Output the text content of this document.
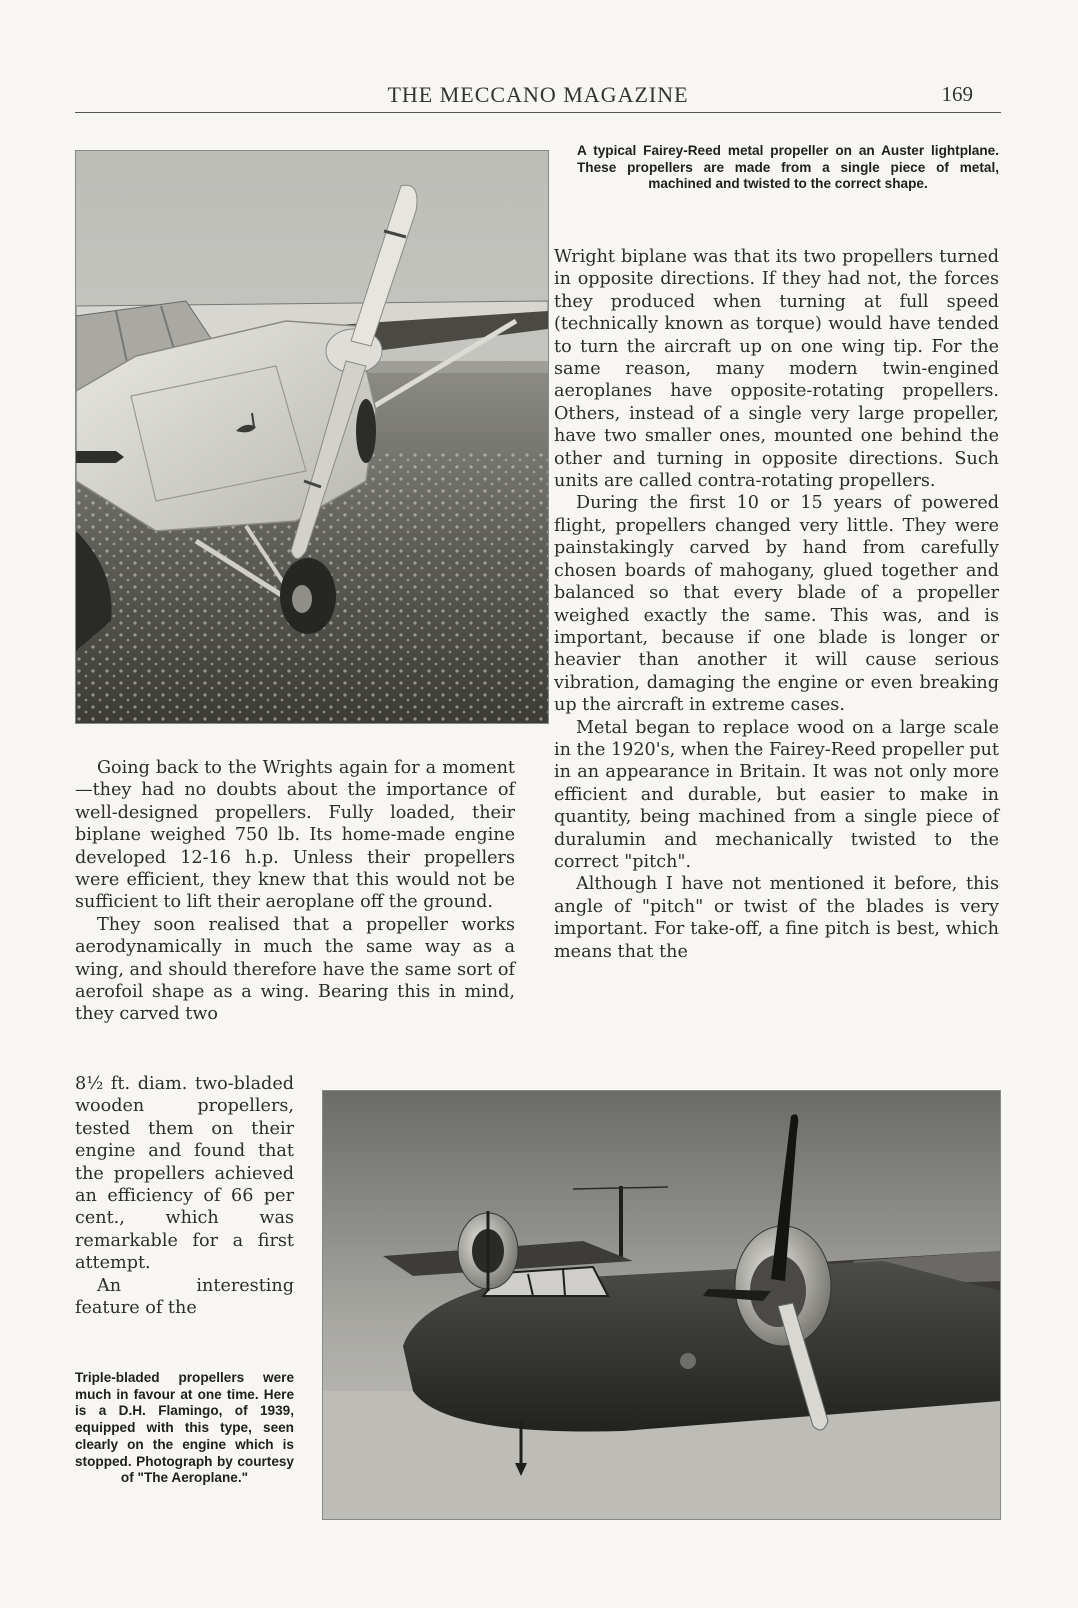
THE MECCANO MAGAZINE	169
A typical Fairey-Reed metal propeller on an Auster lightplane. These propellers are made from a single piece of metal, machined and twisted to the correct shape.

Wright biplane was that its two propellers turned in opposite directions. If they had not, the forces they produced when turning at full speed (technically known as torque) would have tended to turn the aircraft up on one wing tip. For the same reason, many modern twin-engined aeroplanes have opposite-rotating propellers. Others, instead of a single very large propeller, have two smaller ones, mounted one behind the other and turning in opposite directions. Such units are called contra-rotating propellers.

During the first 10 or 15 years of powered flight, propellers changed very little. They were painstakingly carved by hand from carefully chosen boards of mahogany, glued together and balanced so that every blade of a propeller weighed exactly the same. This was, and is important, because if one blade is longer or heavier than another it will cause serious vibration, damaging the engine or even breaking up the aircraft in extreme cases.

Metal began to replace wood on a large scale in the 1920's, when the Fairey-Reed propeller put in an appearance in Britain. It was not only more efficient and durable, but easier to make in quantity, being machined from a single piece of duralumin and mechanically twisted to the correct "pitch".

Although I have not mentioned it before, this angle of "pitch" or twist of the blades is very important. For take-off, a fine pitch is best, which means that the

Going back to the Wrights again for a moment—they had no doubts about the importance of well-designed propellers. Fully loaded, their biplane weighed 750 lb. Its home-made engine developed 12-16 h.p. Unless their propellers were efficient, they knew that this would not be sufficient to lift their aeroplane off the ground.

They soon realised that a propeller works aerodynamically in much the same way as a wing, and should therefore have the same sort of aerofoil shape as a wing. Bearing this in mind, they carved two

8½ ft. diam. two-bladed wooden propellers, tested them on their engine and found that the propellers achieved an efficiency of 66 per cent., which was remarkable for a first attempt.

An interesting feature of the

Triple-bladed propellers were much in favour at one time. Here is a D.H. Flamingo, of 1939, equipped with this type, seen clearly on the engine which is stopped. Photograph by courtesy of "The Aeroplane."
